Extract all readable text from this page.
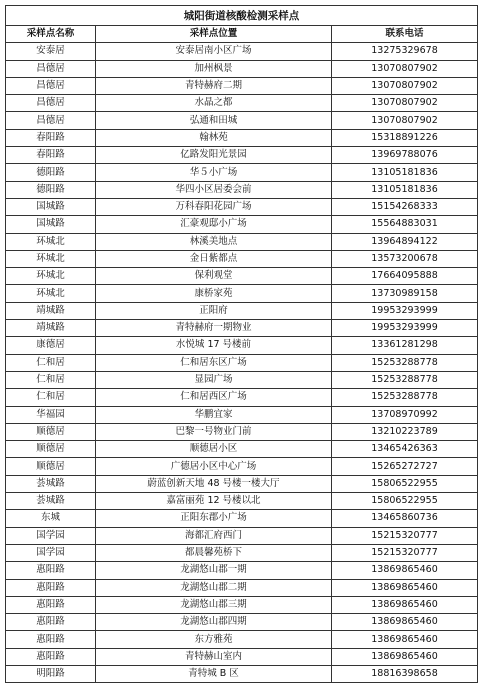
城阳街道核酸检测采样点		
采样点名称	采样点位置	联系电话
安泰居	安泰居南小区广场	13275329678
昌德居	加州枫景	13070807902
昌德居	青特赫府二期	13070807902
昌德居	水晶之都	13070807902
昌德居	弘通和田城	13070807902
春阳路	翰林苑	15318891226
春阳路	亿路发阳光景园	13969788076
德阳路	华５小广场	13105181836
德阳路	华四小区居委会前	13105181836
国城路	万科春阳花园广场	15154268333
国城路	汇豪观邸小广场	15564883031
环城北	林溪美地点	13964894122
环城北	金日紫都点	13573200678
环城北	保利观堂	17664095888
环城北	康桥家苑	13730989158
靖城路	正阳府	19953293999
靖城路	青特赫府一期物业	19953293999
康德居	水悦城 17 号楼前	13361281298
仁和居	仁和居东区广场	15253288778
仁和居	显园广场	15253288778
仁和居	仁和居西区广场	15253288778
华福园	华鹏宜家	13708970992
顺德居	巴黎一号物业门前	13210223789
顺德居	顺德居小区	13465426363
顺德居	广德居小区中心广场	15265272727
荟城路	蔚蓝创新天地 48 号楼一楼大厅	15806522955
荟城路	嘉富丽苑 12 号楼以北	15806522955
东城	正阳东郡小广场	13465860736
国学园	海都汇府西门	15215320777
国学园	都晨馨苑桥下	15215320777
惠阳路	龙湖悠山郡一期	13869865460
惠阳路	龙湖悠山郡二期	13869865460
惠阳路	龙湖悠山郡三期	13869865460
惠阳路	龙湖悠山郡四期	13869865460
惠阳路	东方雅苑	13869865460
惠阳路	青特赫山室内	13869865460
明阳路	青特城 B 区	18816398658
